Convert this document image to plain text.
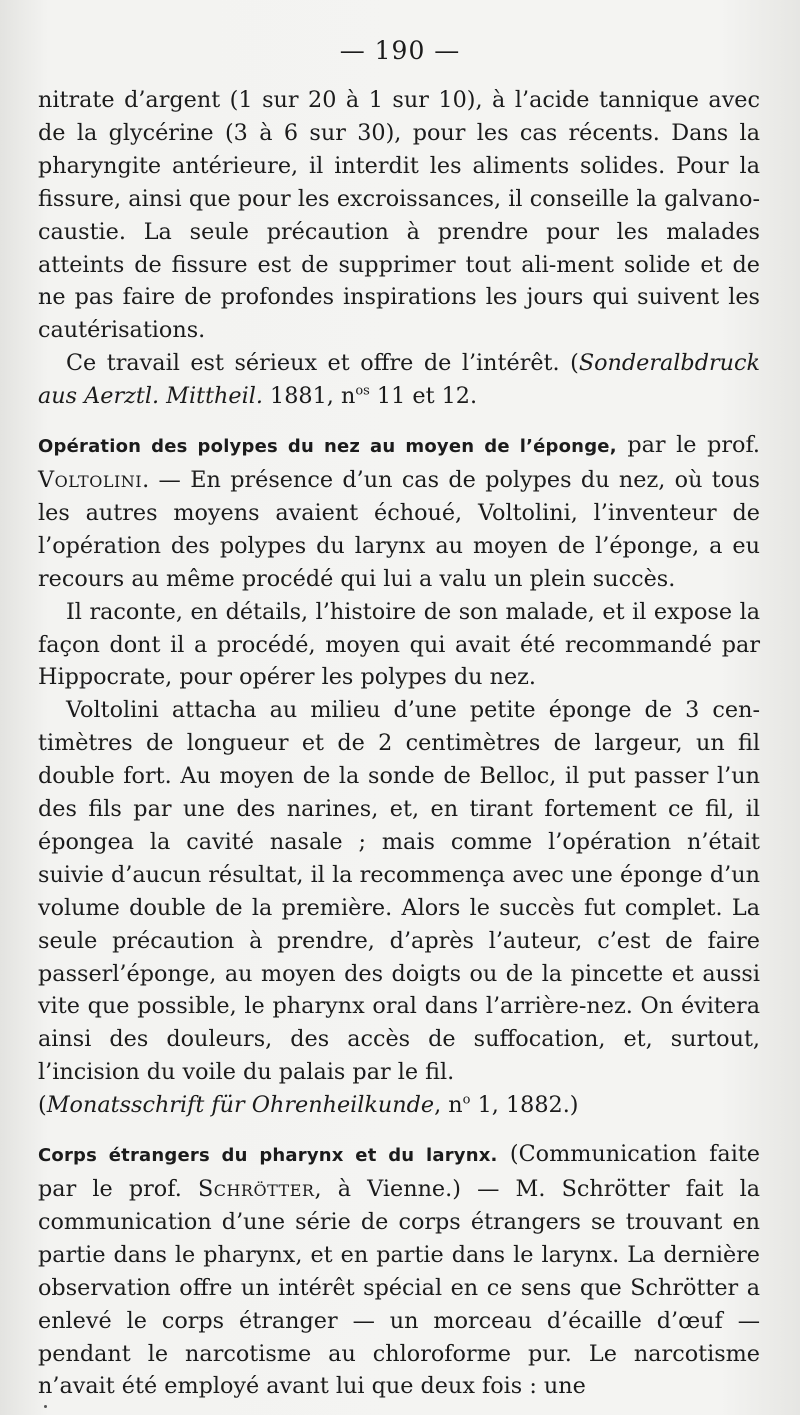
— 190 —

nitrate d’argent (1 sur 20 à 1 sur 10), à l’acide tannique avec de la glycérine (3 à 6 sur 30), pour les cas récents. Dans la pharyngite antérieure, il interdit les aliments solides. Pour la fissure, ainsi que pour les excroissances, il conseille la galvano-caustie. La seule précaution à prendre pour les malades atteints de fissure est de supprimer tout ali-ment solide et de ne pas faire de profondes inspirations les jours qui suivent les cautérisations.

Ce travail est sérieux et offre de l’intérêt. (Sonderalbdruck aus Aerztl. Mittheil. 1881, $n^{os}$ 11 et 12.

Opération des polypes du nez au moyen de l’éponge, par le prof. Voltolini. — En présence d’un cas de polypes du nez, où tous les autres moyens avaient échoué, Voltolini, l’inventeur de l’opération des polypes du larynx au moyen de l’éponge, a eu recours au même procédé qui lui a valu un plein succès.

Il raconte, en détails, l’histoire de son malade, et il expose la façon dont il a procédé, moyen qui avait été recommandé par Hippocrate, pour opérer les polypes du nez.

Voltolini attacha au milieu d’une petite éponge de 3 centimètres de longueur et de 2 centimètres de largeur, un fil double fort. Au moyen de la sonde de Belloc, il put passer l’un des fils par une des narines, et, en tirant fortement ce fil, il épongea la cavité nasale ; mais comme l’opération n’était suivie d’aucun résultat, il la recommença avec une éponge d’un volume double de la première. Alors le succès fut complet. La seule précaution à prendre, d’après l’auteur, c’est de faire passerl’éponge, au moyen des doigts ou de la pincette et aussi vite que possible, le pharynx oral dans l’arrière-nez. On évitera ainsi des douleurs, des accès de suffocation, et, surtout, l’incision du voile du palais par le fil.

(Monatsschrift für Ohrenheilkunde, $n^o$ 1, 1882.)

Corps étrangers du pharynx et du larynx. (Communication faite par le prof. Schrötter, à Vienne.) — M. Schrötter fait la communication d’une série de corps étrangers se trouvant en partie dans le pharynx, et en partie dans le larynx. La dernière observation offre un intérêt spécial en ce sens que Schrötter a enlevé le corps étranger — un morceau d’écaille d’œuf — pendant le narcotisme au chloroforme pur. Le narcotisme n’avait été employé avant lui que deux fois : une
